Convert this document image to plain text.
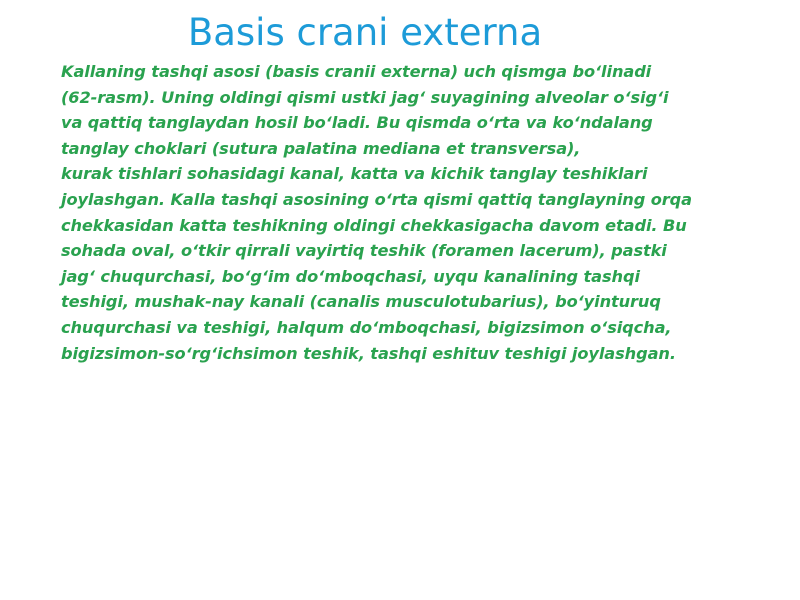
Basis crani externa
Kallaning tashqi asosi (basis cranii externa) uch qismga bo‘linadi
(62-rasm). Uning oldingi qismi ustki jag‘ suyagining alveolar o‘sig‘i
va qattiq tanglaydan hosil bo‘ladi. Bu qismda o‘rta va ko‘ndalang
tanglay choklari (sutura palatina mediana et transversa),
kurak tishlari sohasidagi kanal, katta va kichik tanglay teshiklari
joylashgan. Kalla tashqi asosining o‘rta qismi qattiq tanglayning orqa
chekkasidan katta teshikning oldingi chekkasigacha davom etadi. Bu
sohada oval, o‘tkir qirrali vayirtiq teshik (foramen lacerum), pastki
jag‘ chuqurchasi, bo‘g‘im do‘mboqchasi, uyqu kanalining tashqi
teshigi, mushak-nay kanali (canalis musculotubarius), bo‘yinturuq
chuqurchasi va teshigi, halqum do‘mboqchasi, bigizsimon o‘siqcha,
bigizsimon-so‘rg‘ichsimon teshik, tashqi eshituv teshigi joylashgan.
